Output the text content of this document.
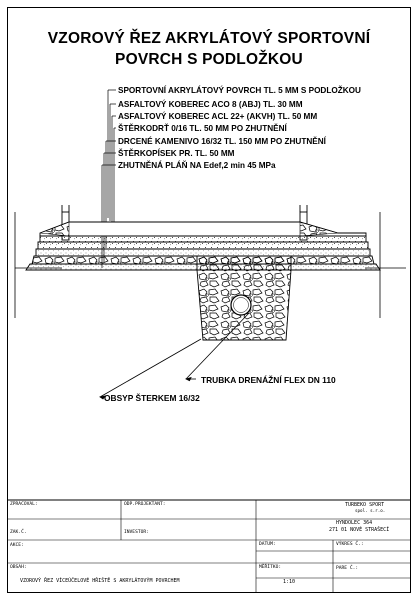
VZOROVÝ ŘEZ AKRYLÁTOVÝ SPORTOVNÍ
POVRCH S PODLOŽKOU
SPORTOVNÍ AKRYLÁTOVÝ POVRCH TL. 5 MM S PODLOŽKOU
ASFALTOVÝ KOBEREC ACO 8 (ABJ) TL. 30 MM
ASFALTOVÝ KOBEREC ACL 22+ (AKVH) TL. 50 MM
ŠTĚRKODRŤ 0/16 TL. 50 MM PO ZHUTNĚNÍ
DRCENÉ KAMENIVO 16/32 TL. 150 MM PO ZHUTNĚNÍ
ŠTĚRKOPÍSEK PR. TL. 50 MM
ZHUTNĚNÁ PLÁŇ NA Edef,2 min 45 MPa
TRUBKA DRENÁŽNÍ FLEX DN 110
OBSYP ŠTERKEM 16/32
ZPRACOVAL:	ODP.PROJEKTANT:
ZAK.Č.	INVESTOR:
AKCE:	DATUM:	VÝKRES Č.:
OBSAH:	MĚŘÍTKO:	PARE Č.:
VZOROVÝ ŘEZ VÍCEÚČELOVÉ HŘIŠTĚ S AKRYLÁTOVÝM POVRCHEM	1:10
TURBEKO SPORT
spol. s.r.o.
HYNDOLEC 364
271 01 NOVÉ STRAŠECÍ
